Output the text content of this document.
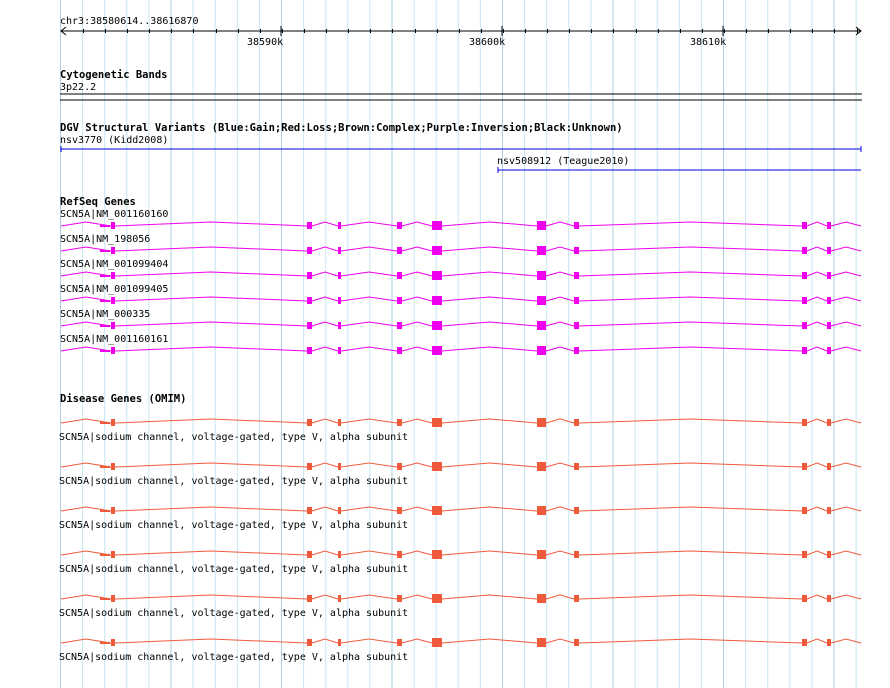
chr3:38580614..38616870
38590k	38600k	38610k
Cytogenetic Bands
3p22.2
DGV Structural Variants (Blue:Gain;Red:Loss;Brown:Complex;Purple:Inversion;Black:Unknown)
nsv3770 (Kidd2008)
nsv508912 (Teague2010)
RefSeq Genes
SCN5A|NM_001160160
SCN5A|NM_198056
SCN5A|NM_001099404
SCN5A|NM_001099405
SCN5A|NM_000335
SCN5A|NM_001160161
Disease Genes (OMIM)
SCN5A|sodium channel, voltage-gated, type V, alpha subunit
SCN5A|sodium channel, voltage-gated, type V, alpha subunit
SCN5A|sodium channel, voltage-gated, type V, alpha subunit
SCN5A|sodium channel, voltage-gated, type V, alpha subunit
SCN5A|sodium channel, voltage-gated, type V, alpha subunit
SCN5A|sodium channel, voltage-gated, type V, alpha subunit
